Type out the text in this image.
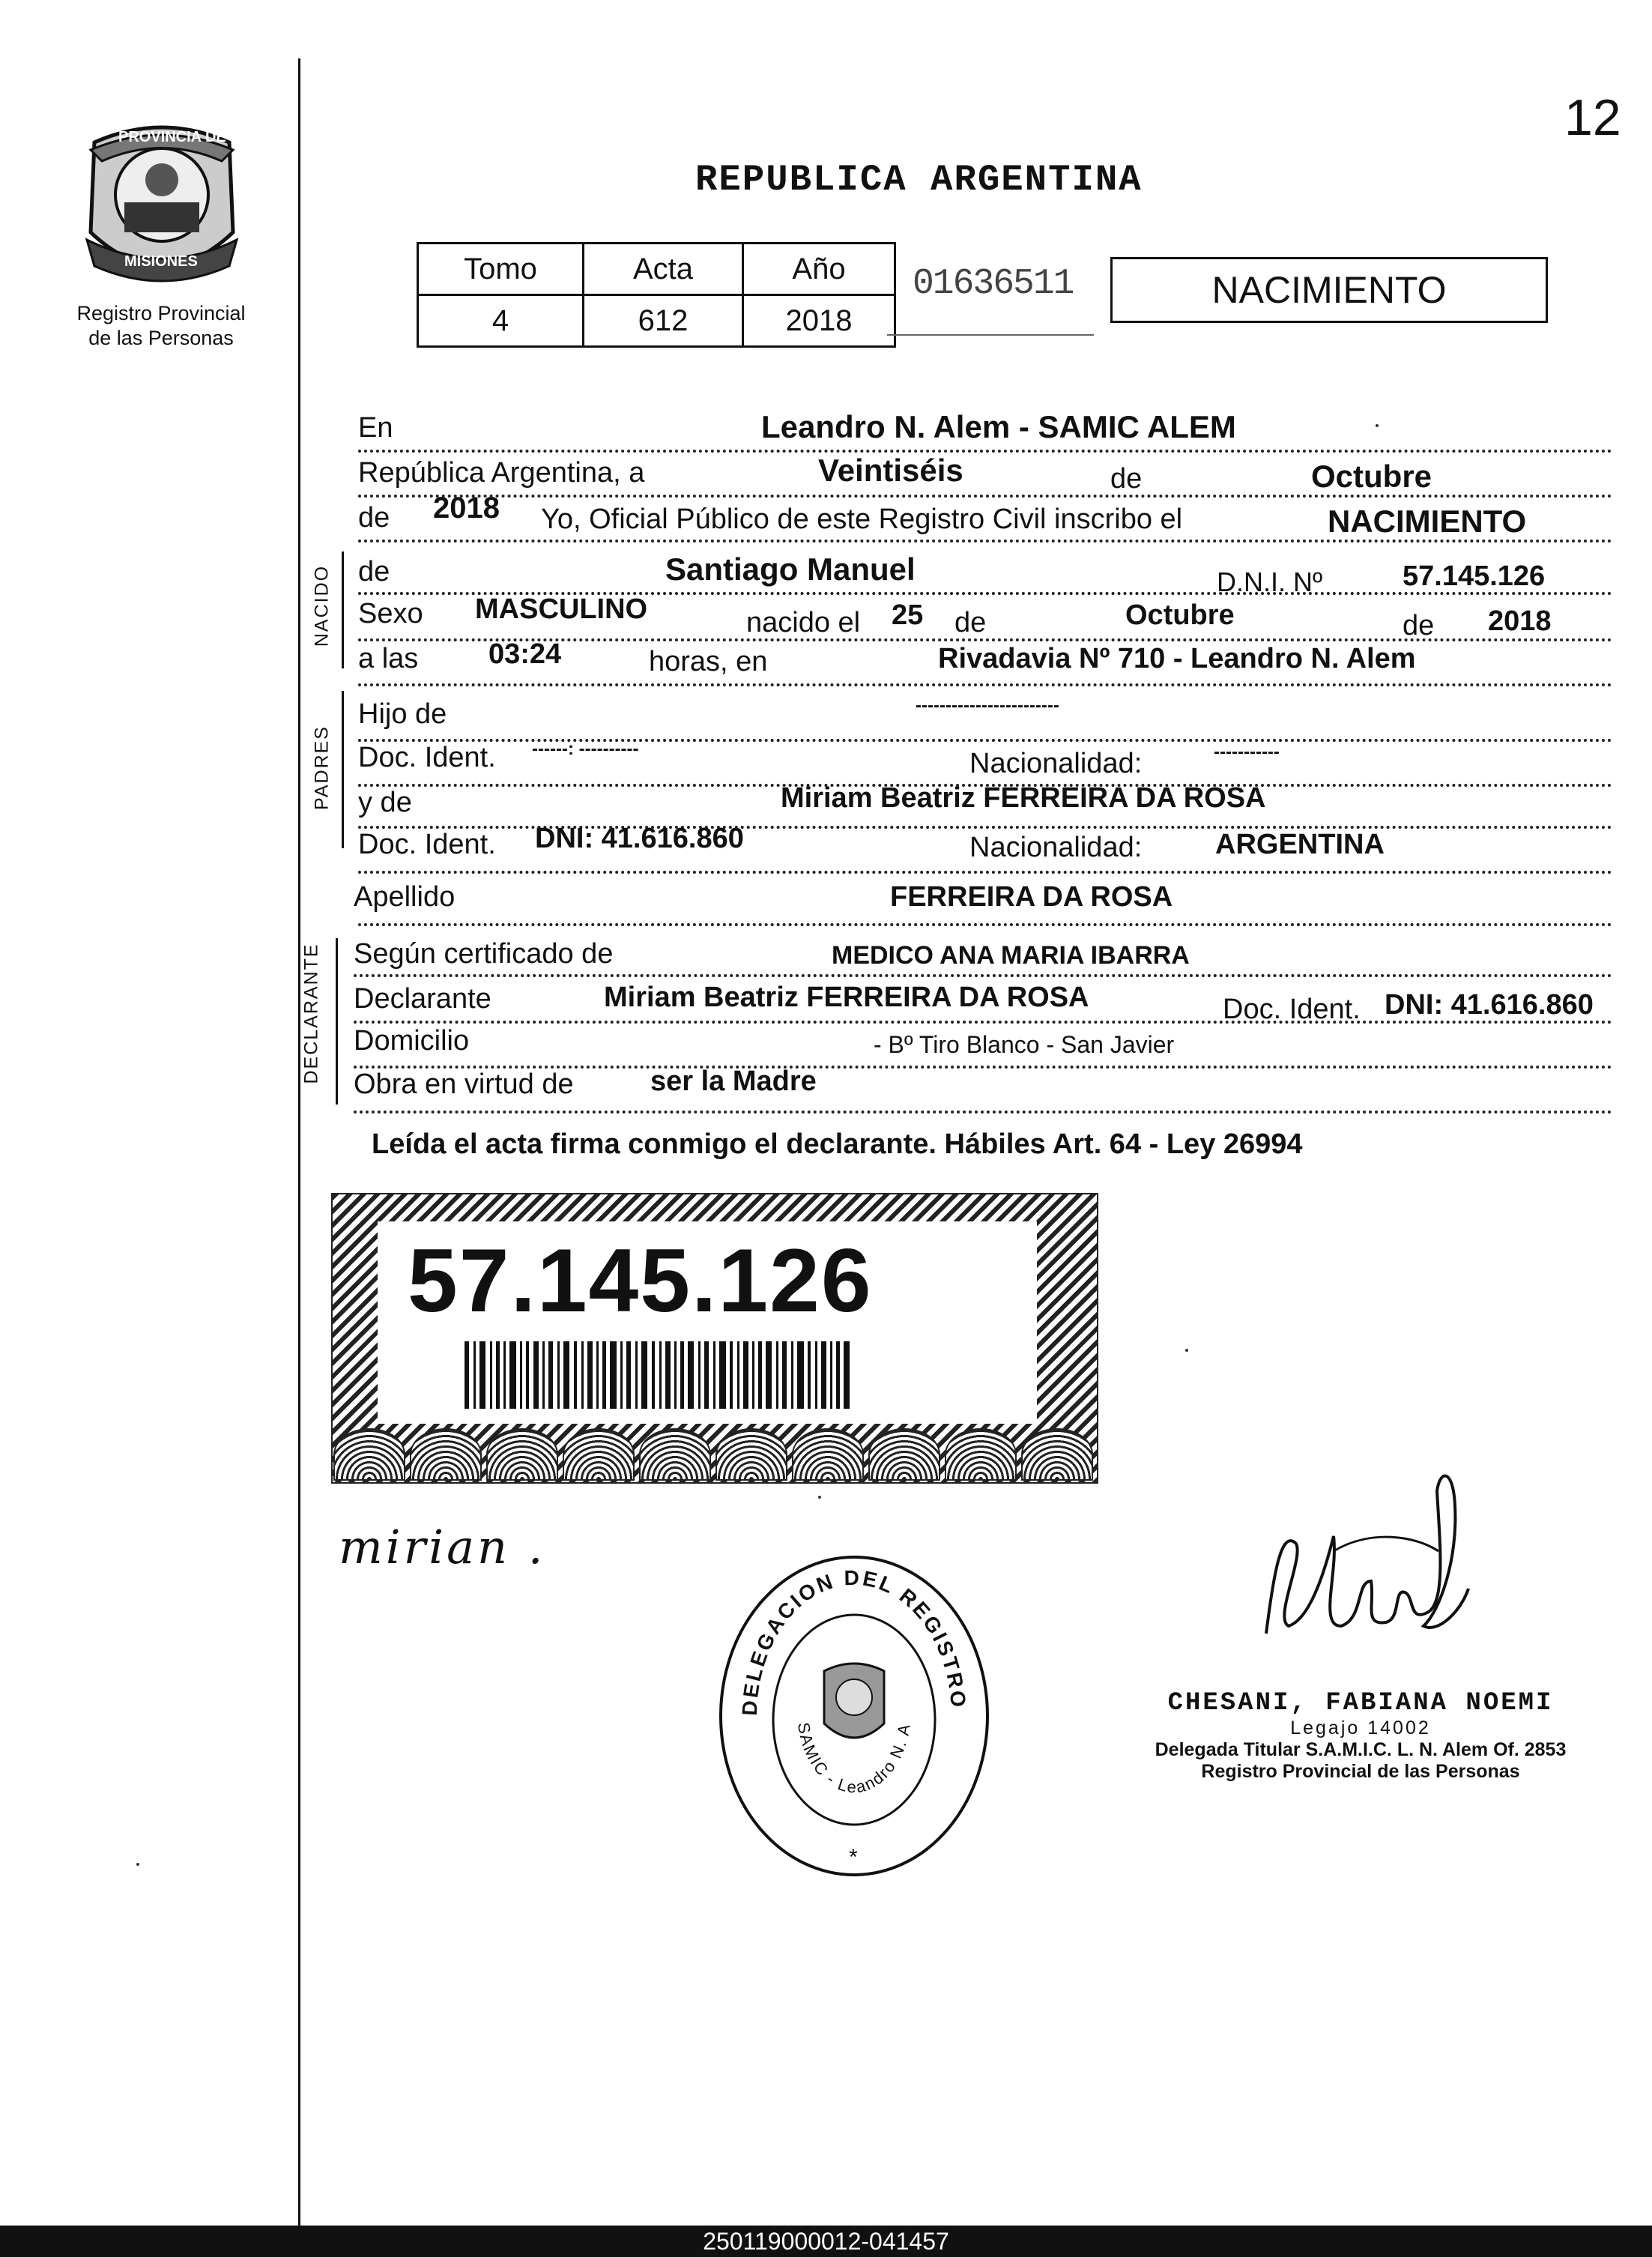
12
PROVINCIA DE
MISIONES
Registro Provincial
de las Personas
REPUBLICA ARGENTINA
Tomo	Acta	Año
4	612	2018
01636511	NACIMIENTO
En	Leandro N. Alem - SAMIC ALEM
República Argentina, a	Veintiséis	de	Octubre
de 2018 Yo, Oficial Público de este Registro Civil inscribo el	NACIMIENTO
NACIDO de	Santiago Manuel	D.N.I. Nº	57.145.126
Sexo MASCULINO	nacido el 25 de	Octubre	de 2018
a las 03:24	horas, en	Rivadavia Nº 710 - Leandro N. Alem
PADRES
Hijo de	------------------------
Doc. Ident. ------: ----------	Nacionalidad:	-----------
y de	Miriam Beatriz FERREIRA DA ROSA
Doc. Ident. DNI: 41.616.860	Nacionalidad:	ARGENTINA
Apellido	FERREIRA DA ROSA
DECLARANTE Según certificado de	MEDICO ANA MARIA IBARRA
Declarante	Miriam Beatriz FERREIRA DA ROSA	Doc. Ident. DNI: 41.616.860
Domicilio	- Bº Tiro Blanco - San Javier
Obra en virtud de	ser la Madre
Leída el acta firma conmigo el declarante. Hábiles Art. 64 - Ley 26994
57.145.126
mirian .
DELEGACION DEL REGISTRO
SAMIC - Leandro N. A
*
CHESANI, FABIANA NOEMI
Legajo 14002
Delegada Titular S.A.M.I.C. L. N. Alem Of. 2853
Registro Provincial de las Personas
250119000012-041457
